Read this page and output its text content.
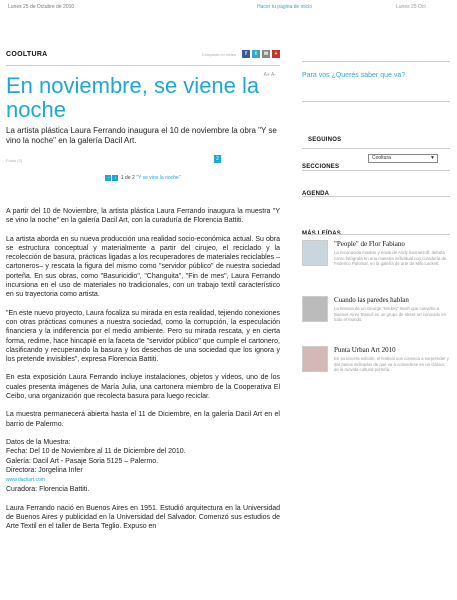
Lunes 25 de Octubre de 2010	Hacer tu página de inicio	Lunes 25 Oct
COOLTURA	Compartir en redes	f	t	✉	+
A+ A-
En noviembre, se viene la noche

La artista plástica Laura Ferrando inaugura el 10 de noviembre la obra "Y se vino la noche" en la galería Dacil Art.

Fotos (2)	2
‹ › 1 de 2 "Y se vino la noche"

A partir del 10 de Noviembre, la artista plástica Laura Ferrando inaugura la muestra "Y se vino la noche" en la galería Dacil Art, con la curaduría de Florencia Battiti.

La artista aborda en su nueva producción una realidad socio-económica actual. Su obra se estructura conceptual y materialmente a partir del cirujeo, el reciclado y la recolección de basura, prácticas ligadas a los recuperadores de materiales reciclables –cartoneros– y rescata la figura del mismo como "servidor público" de nuestra sociedad porteña. En sus obras, como "Basuricidio", "Changuita", "Fin de mes", Laura Ferrando incursiona en el uso de materiales no tradicionales, con un trabajo textil característico en su trayectoria como artista.

"En este nuevo proyecto, Laura focaliza su mirada en esta realidad, tejiendo conexiones con otras prácticas comunes a nuestra sociedad, como la corrupción, la especulación financiera y la indiferencia por el medio ambiente. Pero su mirada rescata, y en cierta forma, redime, hace hincapié en la faceta de "servidor público" que cumple el cartonero, clasificando y recuperando la basura y los desechos de una sociedad que los ignora y los pretende invisibles", expresa Florencia Battiti.

En esta exposición Laura Ferrando incluye instalaciones, objetos y videos, uno de los cuales presenta imágenes de María Julia, una cartonera miembro de la Cooperativa El Ceibo, una organización que recolecta basura para luego reciclar.

La muestra permanecerá abierta hasta el 11 de Diciembre, en la galería Dacil Art en el barrio de Palermo.

Datos de la Muestra:

Fecha: Del 10 de Noviembre al 11 de Diciembre del 2010.

Galería: Dacil Art - Pasaje Soria 5125 – Palermo.

Directora: Jorgelina Infer

www.dacilart.com

Curadora: Florencia Battiti.

Laura Ferrando nació en Buenos Aires en 1951. Estudió arquitectura en la Universidad de Buenos Aires y publicidad en la Universidad del Salvador. Comenzó sus estudios de Arte Textil en el taller de Berta Teglio. Expuso en

Para vos ¿Querés saber que va?
SEGUINOS
SECCIONES
Cooltura	▼
AGENDA
MÁS LEÍDAS
"People" de Flor Fabiano
La reconocida modelo y novia de Andy Kusnetzoff, debuta como fotógrafa en una muestra individual con curaduría de Federico Palomar, en la galería de arte de Milo Lockett.
Cuando las paredes hablan
La historia de un George "Mickey" Bush que convirtió a Buenos Aires Stencil en un grupo de street art conocido en todo el mundo.
Punta Urban Art 2010
En su tercera edición, el festival nos convoca a sorprender y dar pasos indicados de qué va a convertirse en un clásico de la movida cultural porteña.
